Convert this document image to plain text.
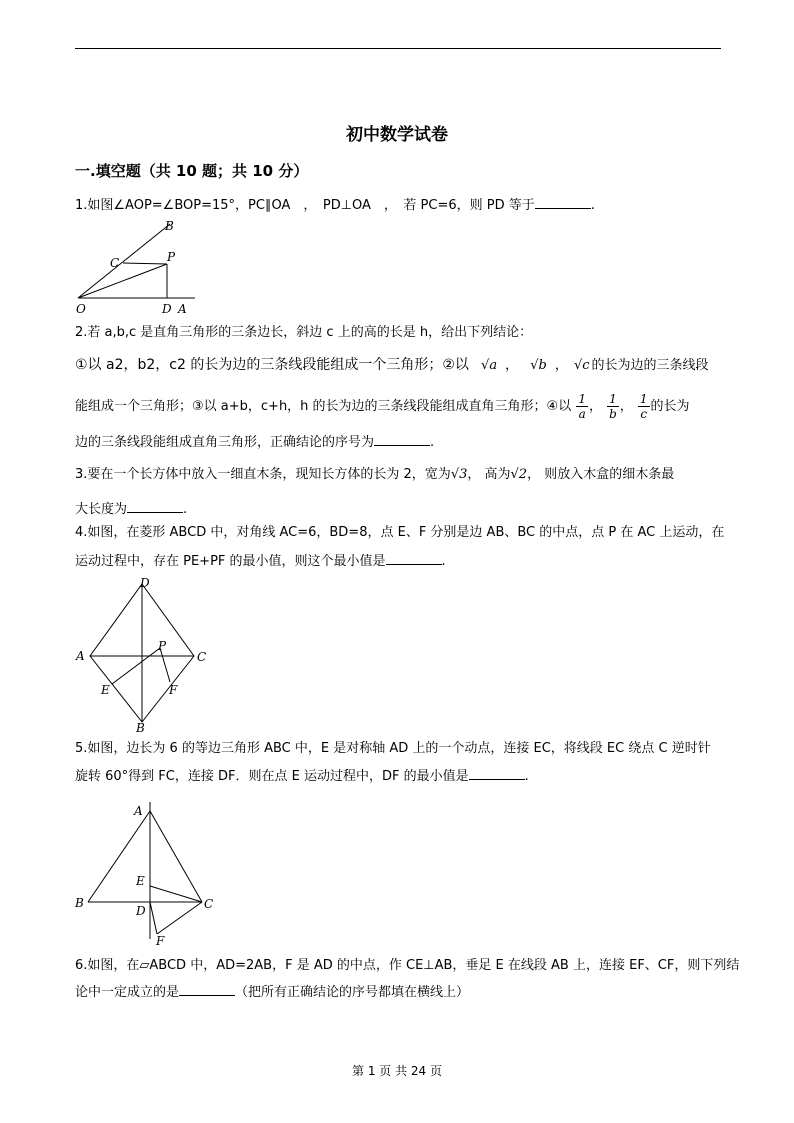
初中数学试卷
一.填空题（共 10 题；共 10 分）
1.如图∠AOP=∠BOP=15°，PC∥OA　，　PD⊥OA　，　若 PC=6，则 PD 等于	.
B
C	P
O	D A
2.若 a,b,c 是直角三角形的三条边长，斜边 c 上的高的长是 h，给出下列结论：
①以 a2，b2，c2 的长为边的三条线段能组成一个三角形；②以 √a ， √b ， √c 的长为边的三条线段
能组成一个三角形；③以 a+b，c+h，h 的长为边的三条线段能组成直角三角形；④以 $\frac{1}{a}$ ， $\frac{1}{b}$ ， $\frac{1}{c}$ 的长为
边的三条线段能组成直角三角形，正确结论的序号为	.
3.要在一个长方体中放入一细直木条，现知长方体的长为 2，宽为√3， 高为√2， 则放入木盒的细木条最
大长度为	.
4.如图，在菱形 ABCD 中，对角线 AC=6，BD=8，点 E、F 分别是边 AB、BC 的中点，点 P 在 AC 上运动，在
运动过程中，存在 PE+PF 的最小值，则这个最小值是	.
D
A
P
C
E	F
B
5.如图，边长为 6 的等边三角形 ABC 中，E 是对称轴 AD 上的一个动点，连接 EC，将线段 EC 绕点 C 逆时针
旋转 60°得到 FC，连接 DF．则在点 E 运动过程中，DF 的最小值是	.
A
E
B
D	C
F
6.如图，在▱ABCD 中，AD=2AB，F 是 AD 的中点，作 CE⊥AB，垂足 E 在线段 AB 上，连接 EF、CF，则下列结
论中一定成立的是	（把所有正确结论的序号都填在横线上）
第 1 页 共 24 页
